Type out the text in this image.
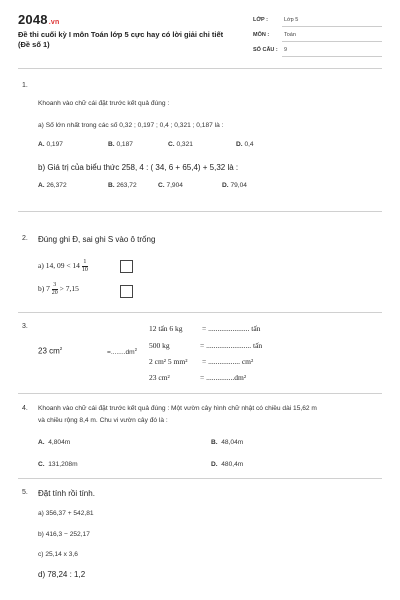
2048.vn
Đề thi cuối kỳ I môn Toán lớp 5 cực hay có lời giải chi tiết
(Đề số 1)
LỚP :	Lớp 5
MÔN :	Toán
SỐ CÂU : 9
1.
Khoanh vào chữ cái đặt trước kết quả đúng :
a) Số lớn nhất trong các số 0,32 ; 0,197 ; 0,4 ; 0,321 ; 0,187 là :
A. 0,197	B. 0,187	C. 0,321	D. 0,4
b) Giá trị của biểu thức 258, 4 : ( 34, 6 + 65,4) + 5,32 là :
A. 26,372	B. 263,72	C. 7,904	D. 79,04
2. Đúng ghi Đ, sai ghi S vào ô trống
a) 14, $09 < 14 \frac{1}{10}$
b) $7 \frac{3}{20} > 7,15$
3.
23 $cm^2$
$=........dm^2$
12 tấn 6 kg	= ...................... tấn
500 kg	= ........................ tấn
2 cm² 5 mm² = ................. cm²
23 cm²	= ...............dm²
4. Khoanh vào chữ cái đặt trước kết quả đúng : Một vườn cây hình chữ nhật có chiều dài 15,62 m
và chiều rộng 8,4 m. Chu vi vườn cây đó là :
A. 4,804m	B. 48,04m
C. 131,208m	D. 480,4m
5. Đặt tính rồi tính.
a) 356,37 + 542,81
b) 416,3 − 252,17
c) 25,14 x 3,6
d) 78,24 : 1,2
